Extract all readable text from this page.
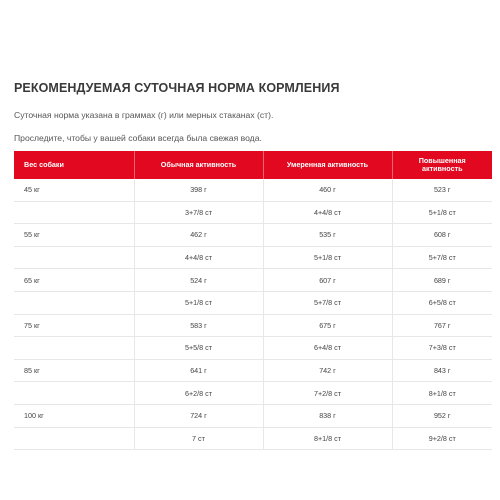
РЕКОМЕНДУЕМАЯ СУТОЧНАЯ НОРМА КОРМЛЕНИЯ

Суточная норма указана в граммах (г) или мерных стаканах (ст).

Проследите, чтобы у вашей собаки всегда была свежая вода.

Вес собаки	Обычная активность	Умеренная активность	Повышенная активность
45 кг	398 г	460 г	523 г
	3+7/8 ст	4+4/8 ст	5+1/8 ст
55 кг	462 г	535 г	608 г
	4+4/8 ст	5+1/8 ст	5+7/8 ст
65 кг	524 г	607 г	689 г
	5+1/8 ст	5+7/8 ст	6+5/8 ст
75 кг	583 г	675 г	767 г
	5+5/8 ст	6+4/8 ст	7+3/8 ст
85 кг	641 г	742 г	843 г
	6+2/8 ст	7+2/8 ст	8+1/8 ст
100 кг	724 г	838 г	952 г
	7 ст	8+1/8 ст	9+2/8 ст
